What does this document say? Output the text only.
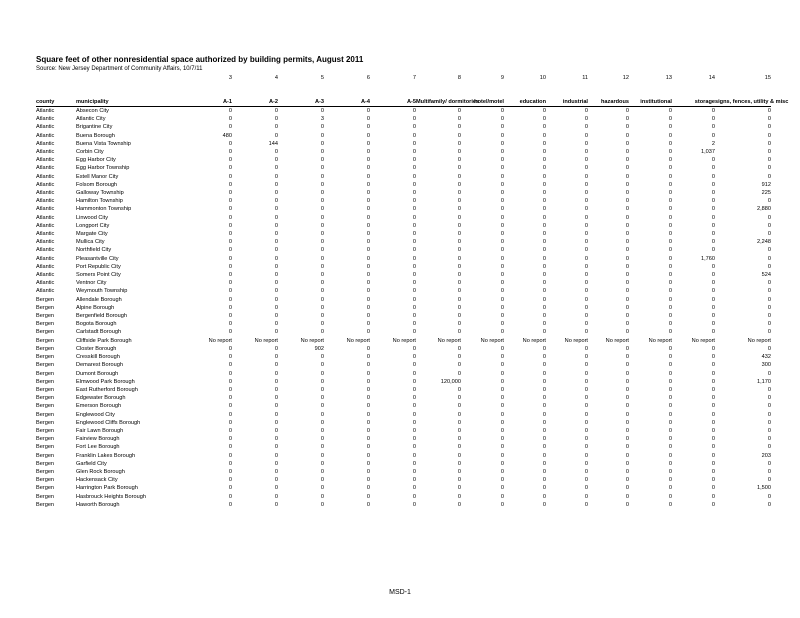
Square feet of other nonresidential space authorized by building permits, August 2011
Source: New Jersey Department of Community Affairs, 10/7/11
		3	4	5	6	7	8	9	10	11	12	13	14	15
county	municipality	A-1	A-2	A-3	A-4	A-5	Multifamily/ dormitories	hotel/motel	education	industrial	hazardous	institutional	storage	signs, fences, utility & misc
Atlantic	Absecon City	0	0	0	0	0	0	0	0	0	0	0	0	0
Atlantic	Atlantic City	0	0	3	0	0	0	0	0	0	0	0	0	0
Atlantic	Brigantine City	0	0	0	0	0	0	0	0	0	0	0	0	0
Atlantic	Buena Borough	480	0	0	0	0	0	0	0	0	0	0	0	0
Atlantic	Buena Vista Township	0	144	0	0	0	0	0	0	0	0	0	2	0
Atlantic	Corbin City	0	0	0	0	0	0	0	0	0	0	0	1,037	0
Atlantic	Egg Harbor City	0	0	0	0	0	0	0	0	0	0	0	0	0
Atlantic	Egg Harbor Township	0	0	0	0	0	0	0	0	0	0	0	0	0
Atlantic	Estell Manor City	0	0	0	0	0	0	0	0	0	0	0	0	0
Atlantic	Folsom Borough	0	0	0	0	0	0	0	0	0	0	0	0	912
Atlantic	Galloway Township	0	0	0	0	0	0	0	0	0	0	0	0	225
Atlantic	Hamilton Township	0	0	0	0	0	0	0	0	0	0	0	0	0
Atlantic	Hammonton Township	0	0	0	0	0	0	0	0	0	0	0	0	2,880
Atlantic	Linwood City	0	0	0	0	0	0	0	0	0	0	0	0	0
Atlantic	Longport City	0	0	0	0	0	0	0	0	0	0	0	0	0
Atlantic	Margate City	0	0	0	0	0	0	0	0	0	0	0	0	0
Atlantic	Mullica City	0	0	0	0	0	0	0	0	0	0	0	0	2,248
Atlantic	Northfield City	0	0	0	0	0	0	0	0	0	0	0	0	0
Atlantic	Pleasantville City	0	0	0	0	0	0	0	0	0	0	0	1,760	0
Atlantic	Port Republic City	0	0	0	0	0	0	0	0	0	0	0	0	0
Atlantic	Somers Point City	0	0	0	0	0	0	0	0	0	0	0	0	524
Atlantic	Ventnor City	0	0	0	0	0	0	0	0	0	0	0	0	0
Atlantic	Weymouth Township	0	0	0	0	0	0	0	0	0	0	0	0	0
Bergen	Allendale Borough	0	0	0	0	0	0	0	0	0	0	0	0	0
Bergen	Alpine Borough	0	0	0	0	0	0	0	0	0	0	0	0	0
Bergen	Bergenfield Borough	0	0	0	0	0	0	0	0	0	0	0	0	0
Bergen	Bogota Borough	0	0	0	0	0	0	0	0	0	0	0	0	0
Bergen	Carlstadt Borough	0	0	0	0	0	0	0	0	0	0	0	0	0
Bergen	Cliffside Park Borough	No report	No report	No report	No report	No report	No report	No report	No report	No report	No report	No report	No report	No report
Bergen	Closter Borough	0	0	902	0	0	0	0	0	0	0	0	0	0
Bergen	Cresskill Borough	0	0	0	0	0	0	0	0	0	0	0	0	432
Bergen	Demarest Borough	0	0	0	0	0	0	0	0	0	0	0	0	300
Bergen	Dumont Borough	0	0	0	0	0	0	0	0	0	0	0	0	0
Bergen	Elmwood Park Borough	0	0	0	0	0	120,000	0	0	0	0	0	0	1,170
Bergen	East Rutherford Borough	0	0	0	0	0	0	0	0	0	0	0	0	0
Bergen	Edgewater Borough	0	0	0	0	0	0	0	0	0	0	0	0	0
Bergen	Emerson Borough	0	0	0	0	0	0	0	0	0	0	0	0	0
Bergen	Englewood City	0	0	0	0	0	0	0	0	0	0	0	0	0
Bergen	Englewood Cliffs Borough	0	0	0	0	0	0	0	0	0	0	0	0	0
Bergen	Fair Lawn Borough	0	0	0	0	0	0	0	0	0	0	0	0	0
Bergen	Fairview Borough	0	0	0	0	0	0	0	0	0	0	0	0	0
Bergen	Fort Lee Borough	0	0	0	0	0	0	0	0	0	0	0	0	0
Bergen	Franklin Lakes Borough	0	0	0	0	0	0	0	0	0	0	0	0	203
Bergen	Garfield City	0	0	0	0	0	0	0	0	0	0	0	0	0
Bergen	Glen Rock Borough	0	0	0	0	0	0	0	0	0	0	0	0	0
Bergen	Hackensack City	0	0	0	0	0	0	0	0	0	0	0	0	0
Bergen	Harrington Park Borough	0	0	0	0	0	0	0	0	0	0	0	0	1,500
Bergen	Hasbrouck Heights Borough	0	0	0	0	0	0	0	0	0	0	0	0	0
Bergen	Haworth Borough	0	0	0	0	0	0	0	0	0	0	0	0	0
MSD-1
